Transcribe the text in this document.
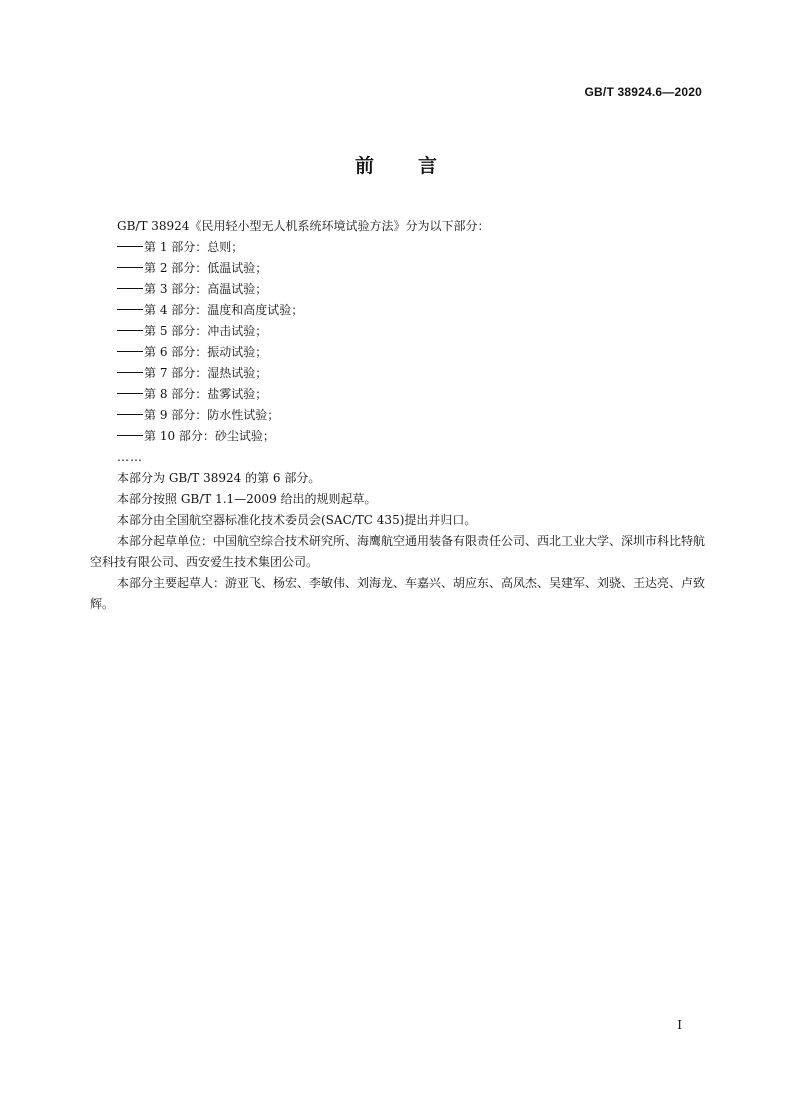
GB/T 38924.6—2020
前言

GB/T 38924《民用轻小型无人机系统环境试验方法》分为以下部分：

第 1 部分：总则；

第 2 部分：低温试验；

第 3 部分：高温试验；

第 4 部分：温度和高度试验；

第 5 部分：冲击试验；

第 6 部分：振动试验；

第 7 部分：湿热试验；

第 8 部分：盐雾试验；

第 9 部分：防水性试验；

第 10 部分：砂尘试验；

……

本部分为 GB/T 38924 的第 6 部分。

本部分按照 GB/T 1.1—2009 给出的规则起草。

本部分由全国航空器标准化技术委员会(SAC/TC 435)提出并归口。

本部分起草单位：中国航空综合技术研究所、海鹰航空通用装备有限责任公司、西北工业大学、深圳市科比特航空科技有限公司、西安爱生技术集团公司。

本部分主要起草人：游亚飞、杨宏、李敏伟、刘海龙、车嘉兴、胡应东、高凤杰、吴建军、刘骁、王达亮、卢致辉。

I
